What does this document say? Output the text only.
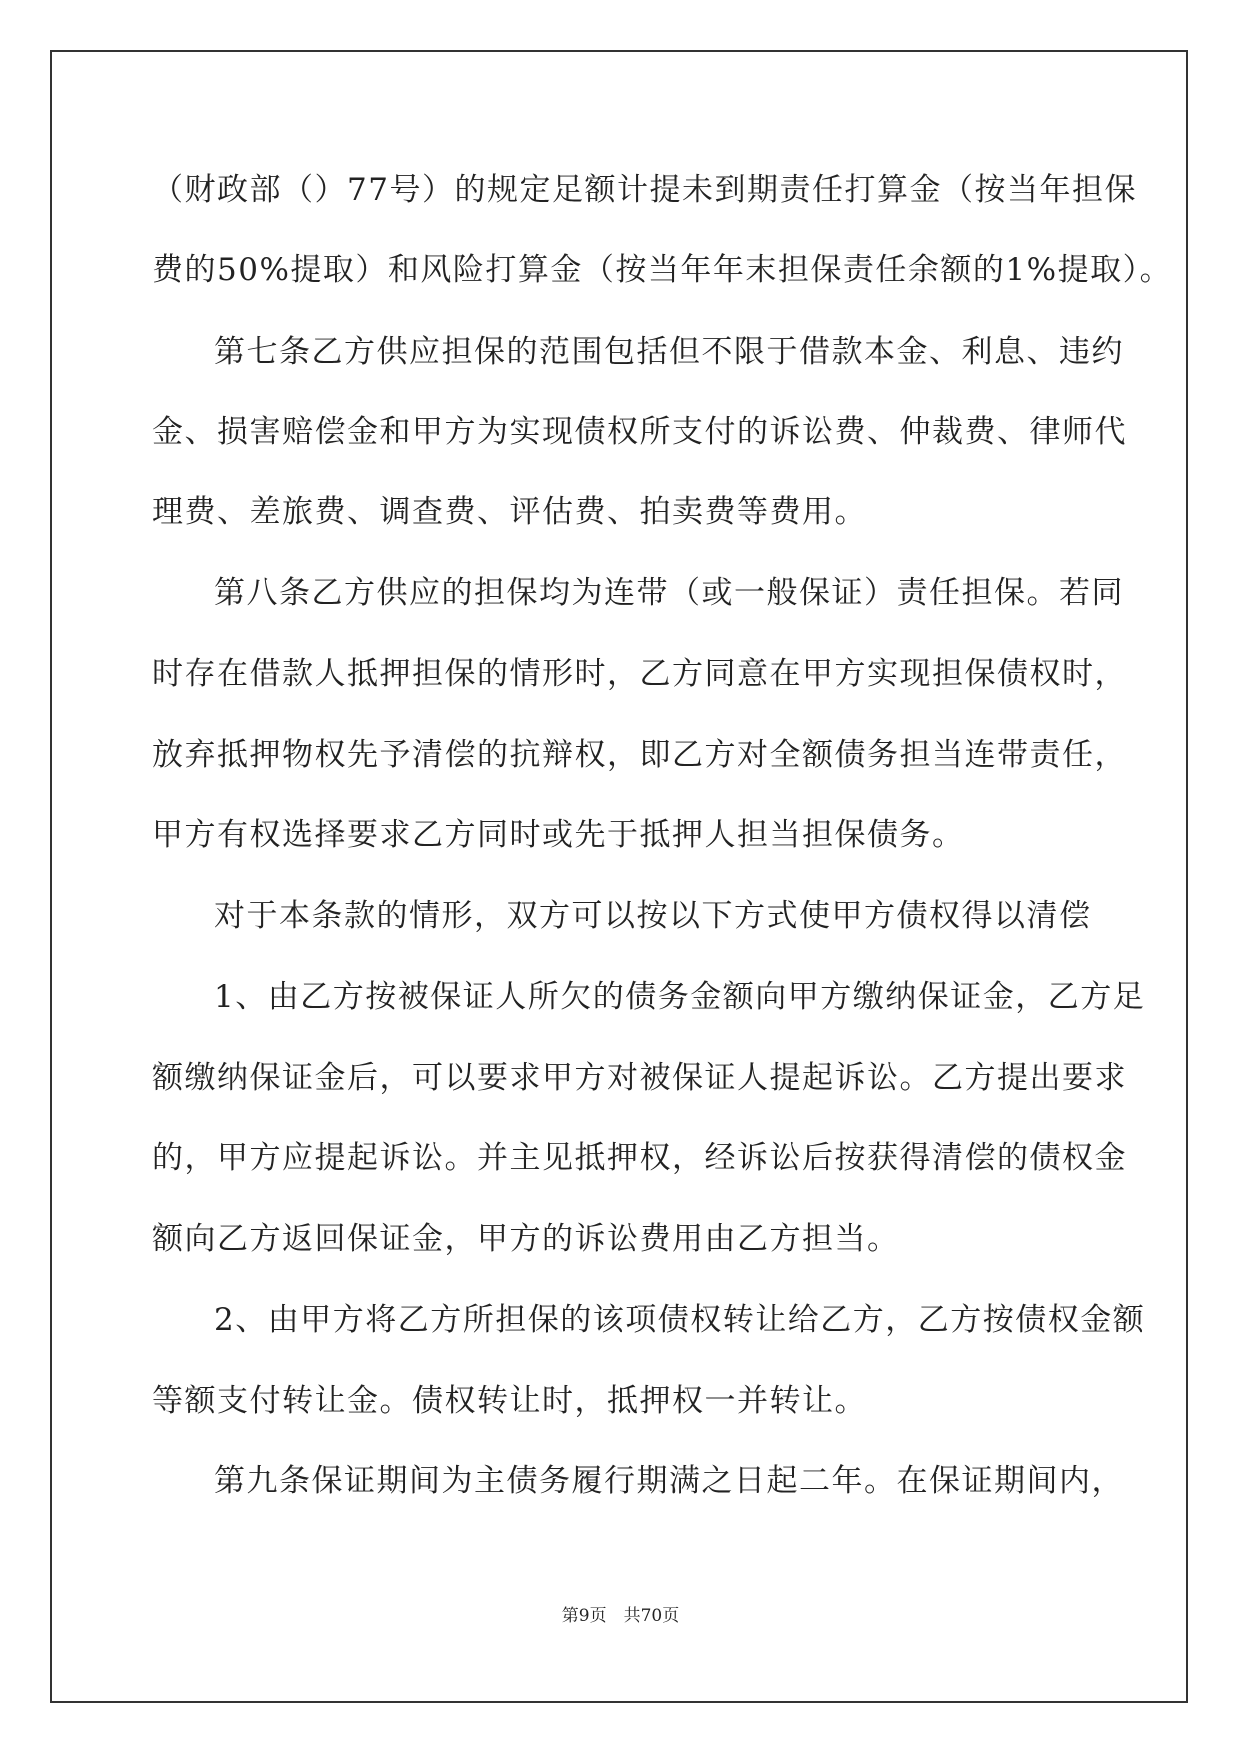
（财政部（）77号）的规定足额计提未到期责任打算金（按当年担保
费的50%提取）和风险打算金（按当年年末担保责任余额的1%提取）。
第七条乙方供应担保的范围包括但不限于借款本金、利息、违约
金、损害赔偿金和甲方为实现债权所支付的诉讼费、仲裁费、律师代
理费、差旅费、调查费、评估费、拍卖费等费用。
第八条乙方供应的担保均为连带（或一般保证）责任担保。若同
时存在借款人抵押担保的情形时，乙方同意在甲方实现担保债权时，
放弃抵押物权先予清偿的抗辩权，即乙方对全额债务担当连带责任，
甲方有权选择要求乙方同时或先于抵押人担当担保债务。
对于本条款的情形，双方可以按以下方式使甲方债权得以清偿
1、由乙方按被保证人所欠的债务金额向甲方缴纳保证金，乙方足
额缴纳保证金后，可以要求甲方对被保证人提起诉讼。乙方提出要求
的，甲方应提起诉讼。并主见抵押权，经诉讼后按获得清偿的债权金
额向乙方返回保证金，甲方的诉讼费用由乙方担当。
2、由甲方将乙方所担保的该项债权转让给乙方，乙方按债权金额
等额支付转让金。债权转让时，抵押权一并转让。
第九条保证期间为主债务履行期满之日起二年。在保证期间内，
第9页　共70页
